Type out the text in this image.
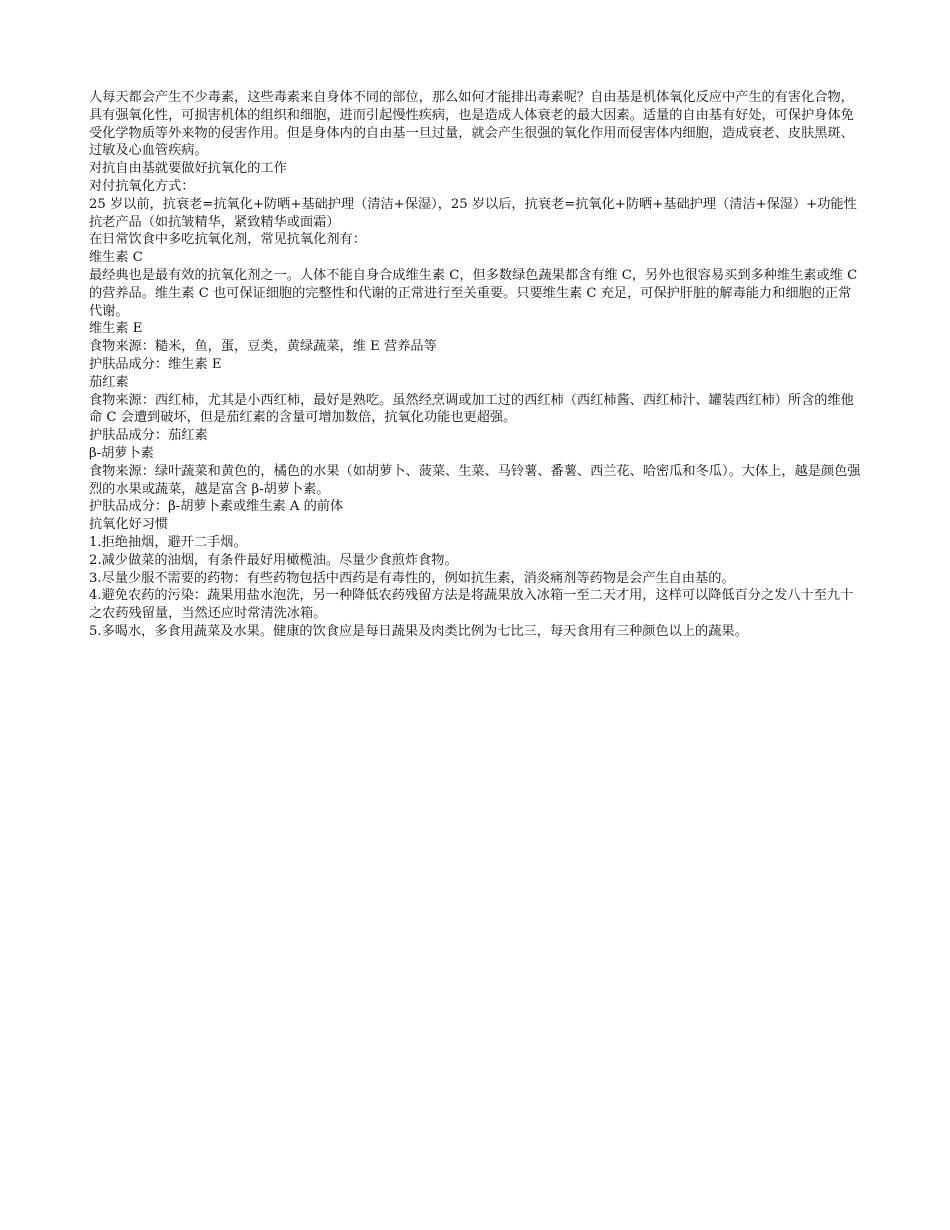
人每天都会产生不少毒素，这些毒素来自身体不同的部位，那么如何才能排出毒素呢？自由基是机体氧化反应中产生的有害化合物，具有强氧化性，可损害机体的组织和细胞，进而引起慢性疾病，也是造成人体衰老的最大因素。适量的自由基有好处，可保护身体免受化学物质等外来物的侵害作用。但是身体内的自由基一旦过量，就会产生很强的氧化作用而侵害体内细胞，造成衰老、皮肤黑斑、过敏及心血管疾病。

对抗自由基就要做好抗氧化的工作

对付抗氧化方式：

25 岁以前，抗衰老=抗氧化+防晒+基础护理（清洁+保湿），25 岁以后，抗衰老=抗氧化+防晒+基础护理（清洁+保湿）+功能性抗老产品（如抗皱精华，紧致精华或面霜）

在日常饮食中多吃抗氧化剂，常见抗氧化剂有：

维生素 C

最经典也是最有效的抗氧化剂之一。人体不能自身合成维生素 C，但多数绿色蔬果都含有维 C，另外也很容易买到多种维生素或维 C 的营养品。维生素 C 也可保证细胞的完整性和代谢的正常进行至关重要。只要维生素 C 充足，可保护肝脏的解毒能力和细胞的正常代谢。

维生素 E

食物来源：糙米，鱼，蛋，豆类，黄绿蔬菜，维 E 营养品等

护肤品成分：维生素 E

茄红素

食物来源：西红柿，尤其是小西红柿，最好是熟吃。虽然经烹调或加工过的西红柿（西红柿酱、西红柿汁、罐装西红柿）所含的维他命 C 会遭到破坏，但是茄红素的含量可增加数倍，抗氧化功能也更超强。

护肤品成分：茄红素

β-胡萝卜素

食物来源：绿叶蔬菜和黄色的，橘色的水果（如胡萝卜、菠菜、生菜、马铃薯、番薯、西兰花、哈密瓜和冬瓜）。大体上，越是颜色强烈的水果或蔬菜，越是富含 β-胡萝卜素。

护肤品成分：β-胡萝卜素或维生素 A 的前体

抗氧化好习惯

1.拒绝抽烟，避开二手烟。

2.减少做菜的油烟，有条件最好用橄榄油。尽量少食煎炸食物。

3.尽量少服不需要的药物：有些药物包括中西药是有毒性的，例如抗生素，消炎痛剂等药物是会产生自由基的。

4.避免农药的污染：蔬果用盐水泡洗，另一种降低农药残留方法是将蔬果放入冰箱一至二天才用，这样可以降低百分之发八十至九十之农药残留量，当然还应时常清洗冰箱。

5.多喝水，多食用蔬菜及水果。健康的饮食应是每日蔬果及肉类比例为七比三，每天食用有三种颜色以上的蔬果。
